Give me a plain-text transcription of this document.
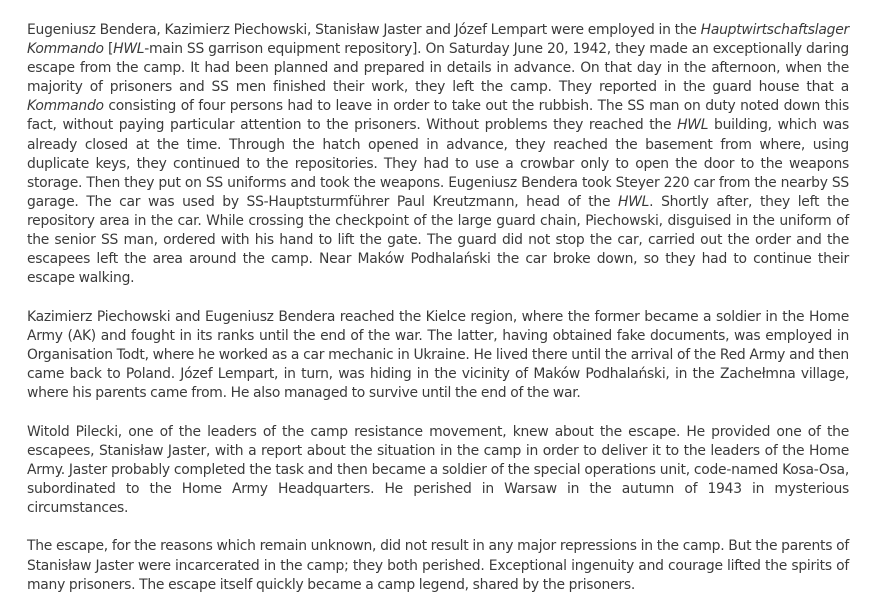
Eugeniusz Bendera, Kazimierz Piechowski, Stanisław Jaster and Józef Lempart were employed in the Hauptwirtschaftslager Kommando [HWL-main SS garrison equipment repository]. On Saturday June 20, 1942, they made an exceptionally daring escape from the camp. It had been planned and prepared in details in advance. On that day in the afternoon, when the majority of prisoners and SS men finished their work, they left the camp. They reported in the guard house that a Kommando consisting of four persons had to leave in order to take out the rubbish. The SS man on duty noted down this fact, without paying particular attention to the prisoners. Without problems they reached the HWL building, which was already closed at the time. Through the hatch opened in advance, they reached the basement from where, using duplicate keys, they continued to the repositories. They had to use a crowbar only to open the door to the weapons storage. Then they put on SS uniforms and took the weapons. Eugeniusz Bendera took Steyer 220 car from the nearby SS garage. The car was used by SS-Hauptsturmführer Paul Kreutzmann, head of the HWL. Shortly after, they left the repository area in the car. While crossing the checkpoint of the large guard chain, Piechowski, disguised in the uniform of the senior SS man, ordered with his hand to lift the gate. The guard did not stop the car, carried out the order and the escapees left the area around the camp. Near Maków Podhalański the car broke down, so they had to continue their escape walking.

Kazimierz Piechowski and Eugeniusz Bendera reached the Kielce region, where the former became a soldier in the Home Army (AK) and fought in its ranks until the end of the war. The latter, having obtained fake documents, was employed in Organisation Todt, where he worked as a car mechanic in Ukraine. He lived there until the arrival of the Red Army and then came back to Poland. Józef Lempart, in turn, was hiding in the vicinity of Maków Podhalański, in the Zachełmna village, where his parents came from. He also managed to survive until the end of the war.

Witold Pilecki, one of the leaders of the camp resistance movement, knew about the escape. He provided one of the escapees, Stanisław Jaster, with a report about the situation in the camp in order to deliver it to the leaders of the Home Army. Jaster probably completed the task and then became a soldier of the special operations unit, code-named Kosa-Osa, subordinated to the Home Army Headquarters. He perished in Warsaw in the autumn of 1943 in mysterious circumstances.

The escape, for the reasons which remain unknown, did not result in any major repressions in the camp. But the parents of Stanisław Jaster were incarcerated in the camp; they both perished. Exceptional ingenuity and courage lifted the spirits of many prisoners. The escape itself quickly became a camp legend, shared by the prisoners.
